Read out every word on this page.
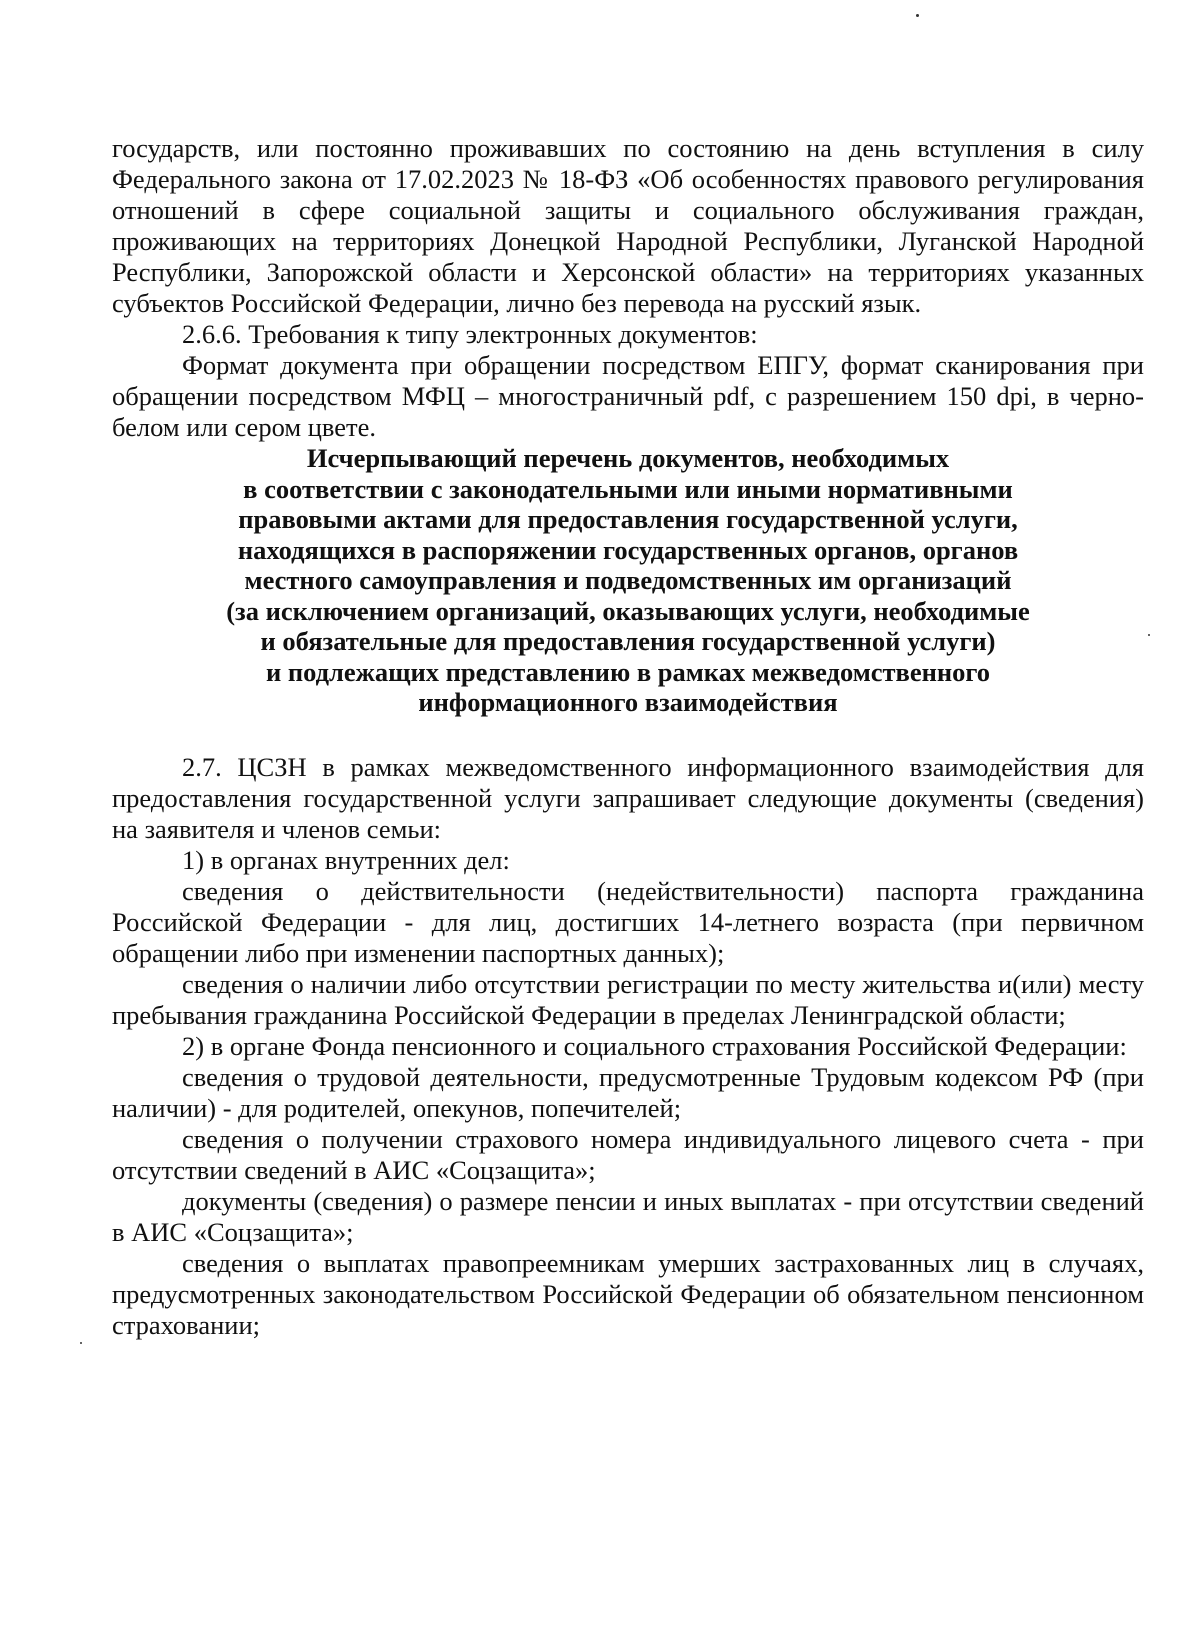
государств, или постоянно проживавших по состоянию на день вступления в силу Федерального закона от 17.02.2023 № 18-ФЗ «Об особенностях правового регулирования отношений в сфере социальной защиты и социального обслуживания граждан, проживающих на территориях Донецкой Народной Республики, Луганской Народной Республики, Запорожской области и Херсонской области» на территориях указанных субъектов Российской Федерации, лично без перевода на русский язык.

2.6.6. Требования к типу электронных документов:

Формат документа при обращении посредством ЕПГУ, формат сканирования при обращении посредством МФЦ – многостраничный pdf, с разрешением 150 dpi, в черно-белом или сером цвете.

Исчерпывающий перечень документов, необходимых
в соответствии с законодательными или иными нормативными
правовыми актами для предоставления государственной услуги,
находящихся в распоряжении государственных органов, органов
местного самоуправления и подведомственных им организаций
(за исключением организаций, оказывающих услуги, необходимые
и обязательные для предоставления государственной услуги)
и подлежащих представлению в рамках межведомственного
информационного взаимодействия

2.7. ЦСЗН в рамках межведомственного информационного взаимодействия для предоставления государственной услуги запрашивает следующие документы (сведения) на заявителя и членов семьи:

1) в органах внутренних дел:

сведения о действительности (недействительности) паспорта гражданина Российской Федерации - для лиц, достигших 14-летнего возраста (при первичном обращении либо при изменении паспортных данных);

сведения о наличии либо отсутствии регистрации по месту жительства и(или) месту пребывания гражданина Российской Федерации в пределах Ленинградской области;

2) в органе Фонда пенсионного и социального страхования Российской Федерации:

сведения о трудовой деятельности, предусмотренные Трудовым кодексом РФ (при наличии) - для родителей, опекунов, попечителей;

сведения о получении страхового номера индивидуального лицевого счета - при отсутствии сведений в АИС «Соцзащита»;

документы (сведения) о размере пенсии и иных выплатах - при отсутствии сведений в АИС «Соцзащита»;

сведения о выплатах правопреемникам умерших застрахованных лиц в случаях, предусмотренных законодательством Российской Федерации об обязательном пенсионном страховании;
